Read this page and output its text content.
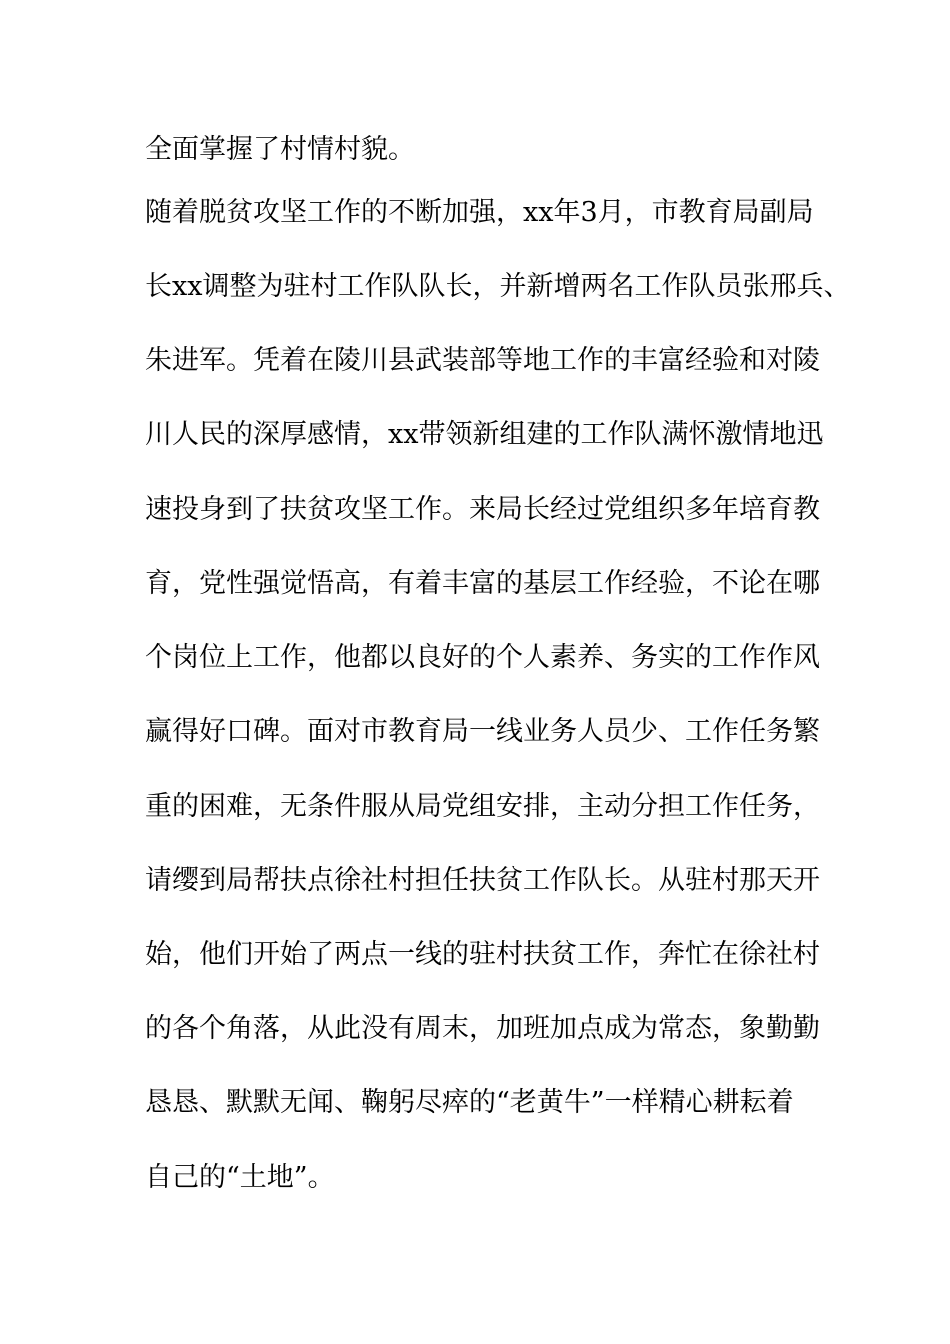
全面掌握了村情村貌。
随着脱贫攻坚工作的不断加强，xx年3月，市教育局副局
长xx调整为驻村工作队队长，并新增两名工作队员张邢兵、
朱进军。凭着在陵川县武装部等地工作的丰富经验和对陵
川人民的深厚感情，xx带领新组建的工作队满怀激情地迅
速投身到了扶贫攻坚工作。来局长经过党组织多年培育教
育，党性强觉悟高，有着丰富的基层工作经验，不论在哪
个岗位上工作，他都以良好的个人素养、务实的工作作风
赢得好口碑。面对市教育局一线业务人员少、工作任务繁
重的困难，无条件服从局党组安排，主动分担工作任务，
请缨到局帮扶点徐社村担任扶贫工作队长。从驻村那天开
始，他们开始了两点一线的驻村扶贫工作，奔忙在徐社村
的各个角落，从此没有周末，加班加点成为常态，象勤勤
恳恳、默默无闻、鞠躬尽瘁的“老黄牛”一样精心耕耘着
自己的“土地”。
